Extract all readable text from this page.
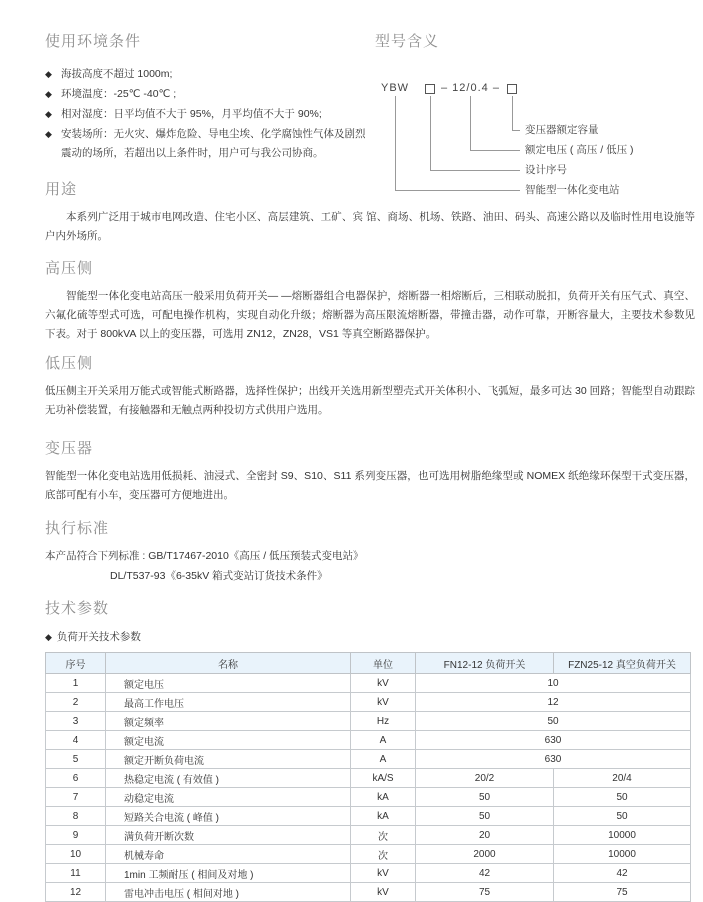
使用环境条件
◆ 海拔高度不超过 1000m;
◆ 环境温度：-25℃ -40℃ ;
◆ 相对湿度：日平均值不大于 95%，月平均值不大于 90%;
◆ 安装场所：无火灾、爆炸危险、导电尘埃、化学腐蚀性气体及剧烈震动的场所，若超出以上条件时，用户可与我公司协商。
型号含义
YBW	– 12/0.4 –
变压器额定容量
额定电压 ( 高压 / 低压 )
设计序号
智能型一体化变电站
用途

本系列广泛用于城市电网改造、住宅小区、高层建筑、工矿、宾 馆、商场、机场、铁路、油田、码头、高速公路以及临时性用电设施等户内外场所。

高压侧

智能型一体化变电站高压一般采用负荷开关— —熔断器组合电器保护，熔断器一相熔断后，三相联动脱扣，负荷开关有压气式、真空、六氟化硫等型式可选，可配电操作机构，实现自动化升级；熔断器为高压限流熔断器，带撞击器，动作可靠，开断容量大，主要技术参数见下表。对于 800kVA 以上的变压器，可选用 ZN12，ZN28，VS1 等真空断路器保护。

低压侧

低压侧主开关采用万能式或智能式断路器，选择性保护；出线开关选用新型塑壳式开关体积小、飞弧短，最多可达 30 回路；智能型自动跟踪无功补偿装置，有接触器和无触点两种投切方式供用户选用。

变压器

智能型一体化变电站选用低损耗、油浸式、全密封 S9、S10、S11 系列变压器，也可选用树脂绝缘型或 NOMEX 纸绝缘环保型干式变压器，底部可配有小车，变压器可方便地进出。

执行标准

本产品符合下列标准 : GB/T17467-2010《高压 / 低压预装式变电站》

DL/T537-93《6-35kV 箱式变站订货技术条件》

技术参数

◆ 负荷开关技术参数

序号	名称	单位	FN12-12 负荷开关	FZN25-12 真空负荷开关
1	额定电压	kV	10	
2	最高工作电压	kV	12	
3	额定频率	Hz	50	
4	额定电流	A	630	
5	额定开断负荷电流	A	630	
6	热稳定电流 ( 有效值 )	kA/S	20/2	20/4
7	动稳定电流	kA	50	50
8	短路关合电流 ( 峰值 )	kA	50	50
9	满负荷开断次数	次	20	10000
10	机械寿命	次	2000	10000
11	1min 工频耐压 ( 相间及对地 )	kV	42	42
12	雷电冲击电压 ( 相间对地 )	kV	75	75
